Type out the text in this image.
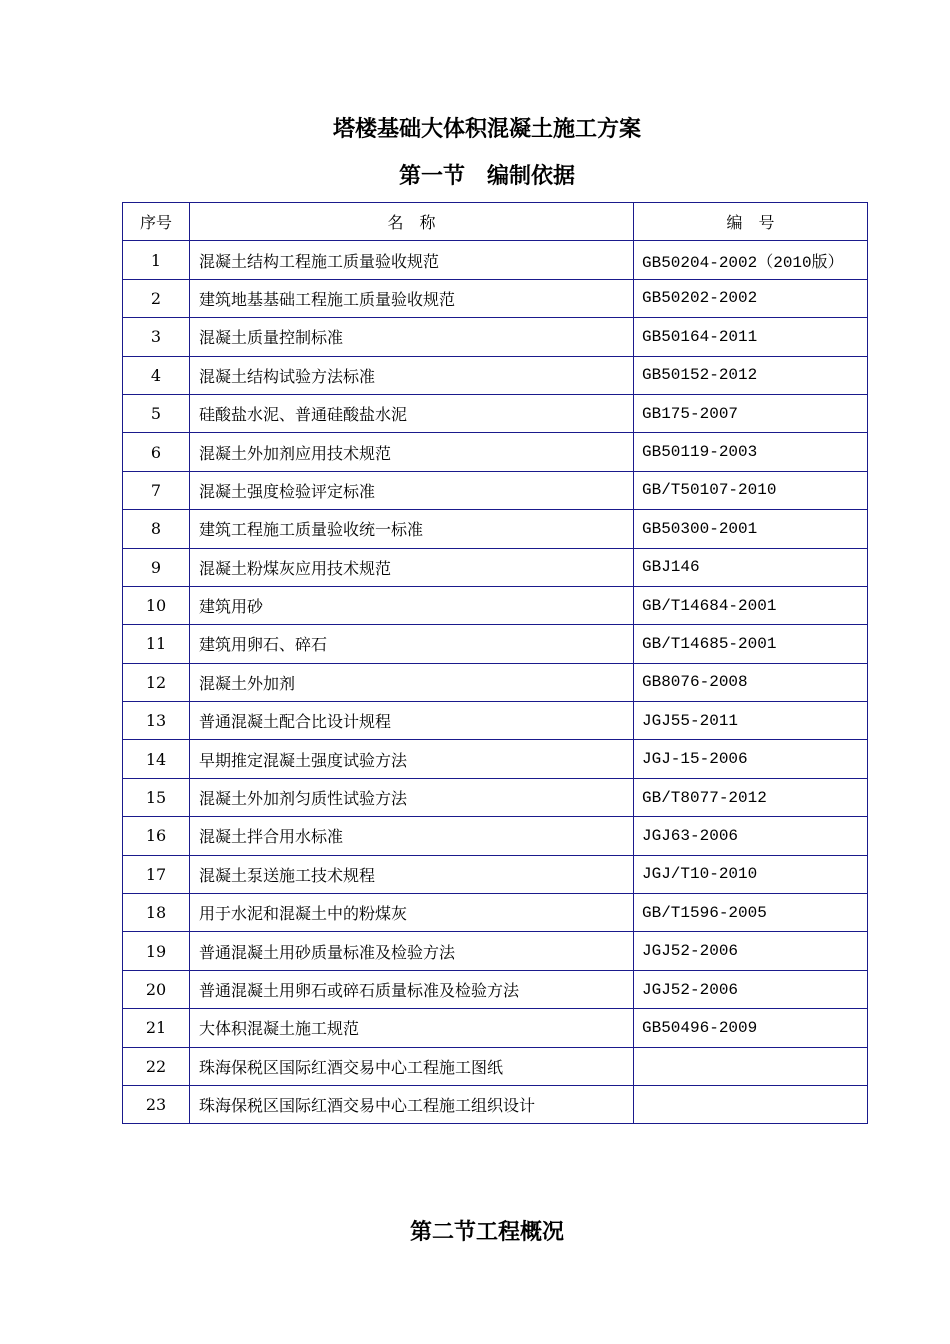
塔楼基础大体积混凝土施工方案
第一节　编制依据
序号	名　称	编　号
1	混凝土结构工程施工质量验收规范	GB50204-2002（2010版）
2	建筑地基基础工程施工质量验收规范	GB50202-2002
3	混凝土质量控制标准	GB50164-2011
4	混凝土结构试验方法标准	GB50152-2012
5	硅酸盐水泥、普通硅酸盐水泥	GB175-2007
6	混凝土外加剂应用技术规范	GB50119-2003
7	混凝土强度检验评定标准	GB/T50107-2010
8	建筑工程施工质量验收统一标准	GB50300-2001
9	混凝土粉煤灰应用技术规范	GBJ146
10	建筑用砂	GB/T14684-2001
11	建筑用卵石、碎石	GB/T14685-2001
12	混凝土外加剂	GB8076-2008
13	普通混凝土配合比设计规程	JGJ55-2011
14	早期推定混凝土强度试验方法	JGJ-15-2006
15	混凝土外加剂匀质性试验方法	GB/T8077-2012
16	混凝土拌合用水标准	JGJ63-2006
17	混凝土泵送施工技术规程	JGJ/T10-2010
18	用于水泥和混凝土中的粉煤灰	GB/T1596-2005
19	普通混凝土用砂质量标准及检验方法	JGJ52-2006
20	普通混凝土用卵石或碎石质量标准及检验方法	JGJ52-2006
21	大体积混凝土施工规范	GB50496-2009
22	珠海保税区国际红酒交易中心工程施工图纸	
23	珠海保税区国际红酒交易中心工程施工组织设计	
第二节工程概况
